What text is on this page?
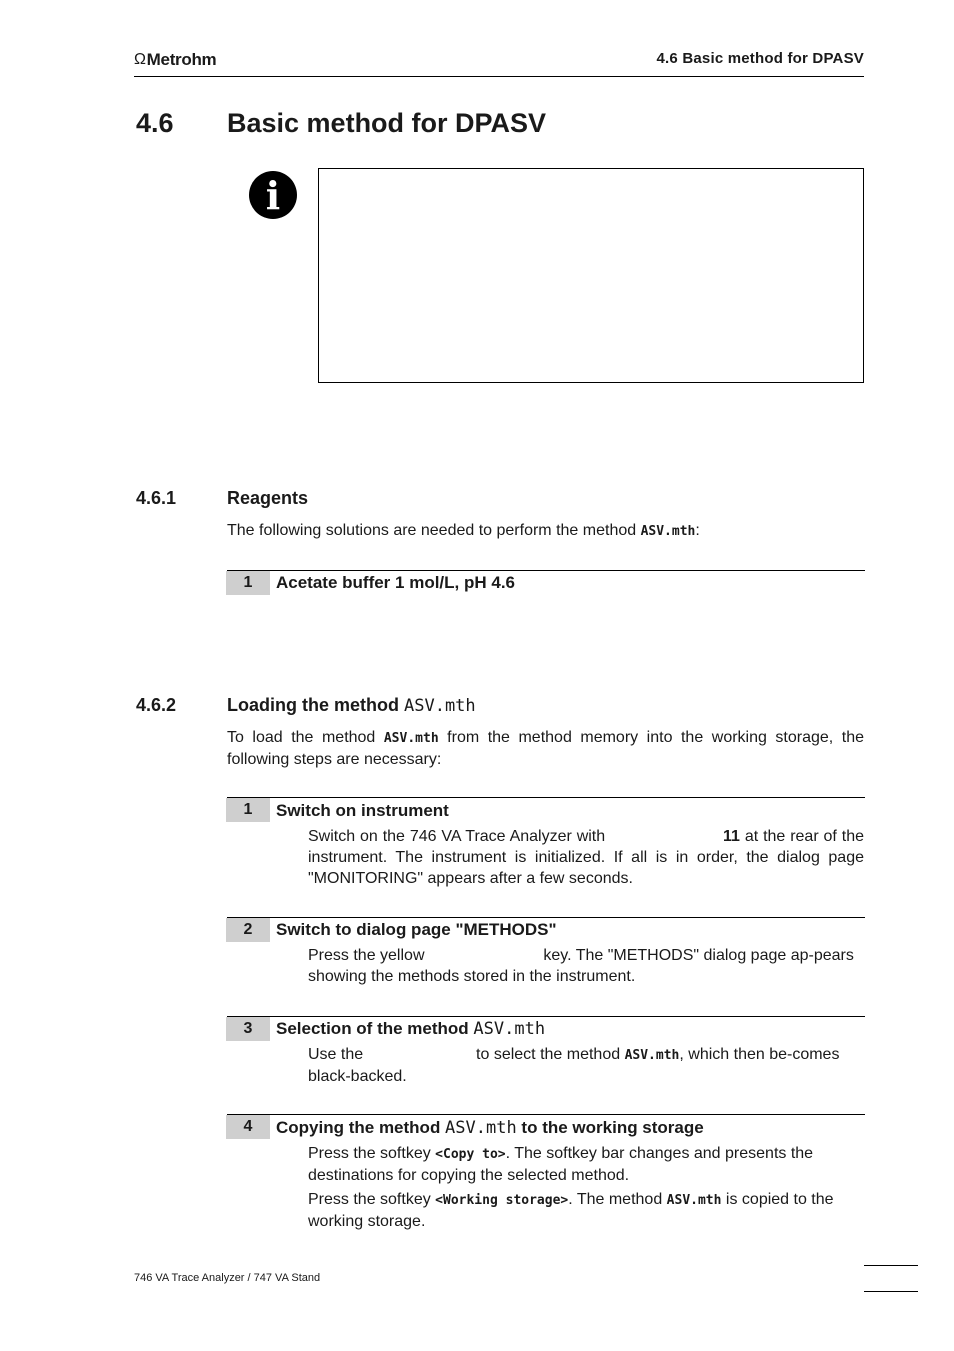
Ω Metrohm	4.6 Basic method for DPASV
4.6 Basic method for DPASV
i
4.6.1	Reagents
The following solutions are needed to perform the method ASV.mth:
1	Acetate buffer 1 mol/L, pH 4.6
4.6.2	Loading the method ASV.mth
To load the method ASV.mth from the method memory into the working storage, the following steps are necessary:
1	Switch on instrument
Switch on the 746 VA Trace Analyzer with	11 at the rear of the instrument. The instrument is initialized. If all is in order, the dialog page "MONITORING" appears after a few seconds.
2	Switch to dialog page "METHODS"
Press the yellow	key. The "METHODS" dialog page ap-pears showing the methods stored in the instrument.
3	Selection of the method ASV.mth
Use the	to select the method ASV.mth, which then be-comes black-backed.
4	Copying the method ASV.mth to the working storage
Press the softkey <Copy to>. The softkey bar changes and presents the destinations for copying the selected method.
Press the softkey <Working storage>. The method ASV.mth is copied to the working storage.
746 VA Trace Analyzer / 747 VA Stand
